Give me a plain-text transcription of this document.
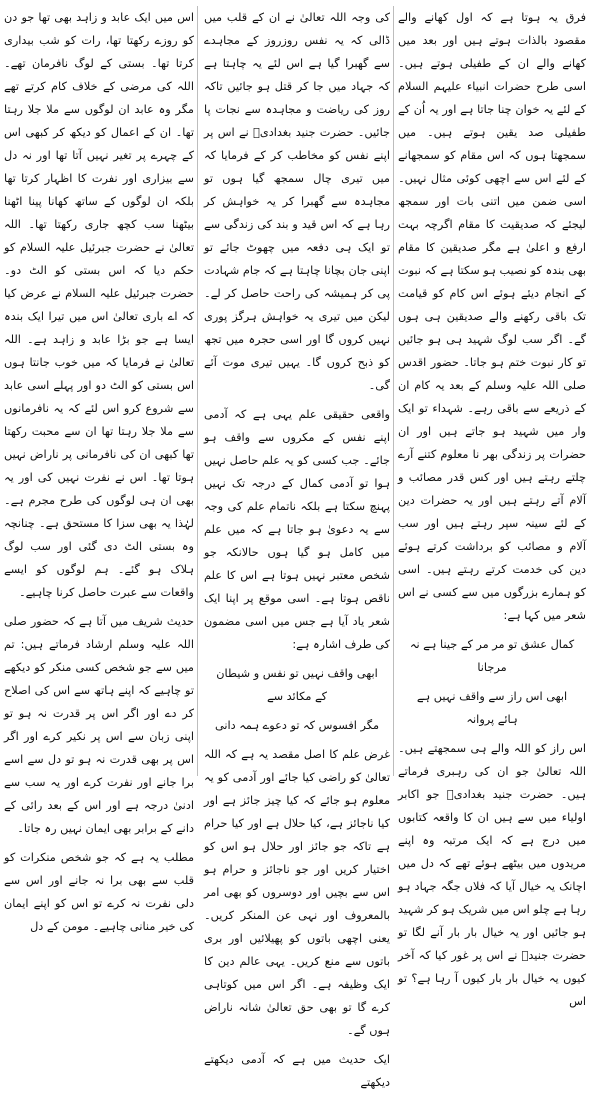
فرق یہ ہوتا ہے کہ اول کھانے والے مقصود بالذات ہوتے ہیں اور بعد میں کھانے والے ان کے طفیلی ہوتے ہیں۔ اسی طرح حضرات انبیاء علیہم السلام کے لئے یہ خوان چنا جاتا ہے اور یہ اُن کے طفیلی صد یقین ہوتے ہیں۔ میں سمجھتا ہوں کہ اس مقام کو سمجھانے کے لئے اس سے اچھی کوئی مثال نہیں۔ اسی ضمن میں اتنی بات اور سمجھ لیجئے کہ صدیقیت کا مقام اگرچہ بہت ارفع و اعلیٰ ہے مگر صدیقین کا مقام بھی بندہ کو نصیب ہو سکتا ہے کہ نبوت کے انجام دیئے ہوئے اس کام کو قیامت تک باقی رکھنے والے صدیقین ہی ہوں گے۔ اگر سب لوگ شہید ہی ہو جائیں تو کار نبوت ختم ہو جاتا۔ حضور اقدس صلی اللہ علیہ وسلم کے بعد یہ کام ان کے ذریعے سے باقی رہے۔ شہداء تو ایک وار میں شہید ہو جاتے ہیں اور ان حضرات پر زندگی بھر نا معلوم کتنے آرے چلتے رہتے ہیں اور کس قدر مصائب و آلام آتے رہتے ہیں اور یہ حضرات دین کے لئے سینہ سپر رہتے ہیں اور سب آلام و مصائب کو برداشت کرتے ہوئے دین کی خدمت کرتے رہتے ہیں۔ اسی کو ہمارے بزرگوں میں سے کسی نے اس شعر میں کہا ہے:

کمال عشق تو مر مر کے جینا ہے نہ مرجانا

ابھی اس راز سے واقف نہیں ہے ہائے پروانہ

اس راز کو اللہ والے ہی سمجھتے ہیں۔ اللہ تعالیٰ جو ان کی رہبری فرماتے ہیں۔ حضرت جنید بغدادیؒ جو اکابر اولیاء میں سے ہیں ان کا واقعہ کتابوں میں درج ہے کہ ایک مرتبہ وہ اپنے مریدوں میں بیٹھے ہوئے تھے کہ دل میں اچانک یہ خیال آیا کہ فلاں جگہ جہاد ہو رہا ہے چلو اس میں شریک ہو کر شہید ہو جائیں اور یہ خیال بار بار آنے لگا تو حضرت جنیدؒ نے اس پر غور کیا کہ آخر کیوں یہ خیال بار بار کیوں آ رہا ہے؟ تو اس

کی وجہ اللہ تعالیٰ نے ان کے قلب میں ڈالی کہ یہ نفس روزروز کے مجاہدے سے گھبرا گیا ہے اس لئے یہ چاہتا ہے کہ جہاد میں جا کر قتل ہو جائیں تاکہ روز کی ریاضت و مجاہدہ سے نجات پا جائیں۔ حضرت جنید بغدادیؒ نے اس پر اپنے نفس کو مخاطب کر کے فرمایا کہ میں تیری چال سمجھ گیا ہوں تو مجاہدہ سے گھبرا کر یہ خواہش کر رہا ہے کہ اس قید و بند کی زندگی سے تو ایک ہی دفعہ میں چھوٹ جائے تو اپنی جان بچانا چاہتا ہے کہ جام شہادت پی کر ہمیشہ کی راحت حاصل کر لے۔ لیکن میں تیری یہ خواہش ہرگز پوری نہیں کروں گا اور اسی حجرہ میں تجھ کو ذبح کروں گا۔ یہیں تیری موت آئے گی۔

واقعی حقیقی علم یہی ہے کہ آدمی اپنے نفس کے مکروں سے واقف ہو جائے۔ جب کسی کو یہ علم حاصل نہیں ہوا تو آدمی کمال کے درجہ تک نہیں پہنچ سکتا ہے بلکہ ناتمام علم کی وجہ سے یہ دعویٰ ہو جاتا ہے کہ میں علم میں کامل ہو گیا ہوں حالانکہ جو شخص معتبر نہیں ہوتا ہے اس کا علم ناقص ہوتا ہے۔ اسی موقع پر اپنا ایک شعر یاد آیا ہے جس میں اسی مضمون کی طرف اشارہ ہے:

ابھی واقف نہیں تو نفس و شیطان کے مکائد سے

مگر افسوس کہ تو دعوے ہمہ دانی

غرض علم کا اصل مقصد یہ ہے کہ اللہ تعالیٰ کو راضی کیا جائے اور آدمی کو یہ معلوم ہو جائے کہ کیا چیز جائز ہے اور کیا ناجائز ہے، کیا حلال ہے اور کیا حرام ہے تاکہ جو جائز اور حلال ہو اس کو اختیار کریں اور جو ناجائز و حرام ہو اس سے بچیں اور دوسروں کو بھی امر بالمعروف اور نہی عن المنکر کریں۔ یعنی اچھی باتوں کو پھیلائیں اور بری باتوں سے منع کریں۔ یہی عالم دین کا ایک وظیفہ ہے۔ اگر اس میں کوتاہی کرے گا تو بھی حق تعالیٰ شانہ ناراض ہوں گے۔

ایک حدیث میں ہے کہ آدمی دیکھتے دیکھتے

اس میں ایک عابد و زاہد بھی تھا جو دن کو روزے رکھتا تھا، رات کو شب بیداری کرتا تھا۔ بستی کے لوگ نافرمان تھے۔ اللہ کی مرضی کے خلاف کام کرتے تھے مگر وہ عابد ان لوگوں سے ملا جلا رہتا تھا۔ ان کے اعمال کو دیکھ کر کبھی اس کے چہرے پر تغیر نہیں آتا تھا اور نہ دل سے بیزاری اور نفرت کا اظہار کرتا تھا بلکہ ان لوگوں کے ساتھ کھانا پینا اٹھنا بیٹھنا سب کچھ جاری رکھتا تھا۔ اللہ تعالیٰ نے حضرت جبرئیل علیہ السلام کو حکم دیا کہ اس بستی کو الٹ دو۔ حضرت جبرئیل علیہ السلام نے عرض کیا کہ اے باری تعالیٰ اس میں تیرا ایک بندہ ایسا ہے جو بڑا عابد و زاہد ہے۔ اللہ تعالیٰ نے فرمایا کہ میں خوب جانتا ہوں اس بستی کو الٹ دو اور پہلے اسی عابد سے شروع کرو اس لئے کہ یہ نافرمانوں سے ملا جلا رہتا تھا ان سے محبت رکھتا تھا کبھی ان کی نافرمانی پر ناراض نہیں ہوتا تھا۔ اس نے نفرت نہیں کی اور یہ بھی ان ہی لوگوں کی طرح مجرم ہے۔ لہٰذا یہ بھی سزا کا مستحق ہے۔ چنانچہ وہ بستی الٹ دی گئی اور سب لوگ ہلاک ہو گئے۔ ہم لوگوں کو ایسے واقعات سے عبرت حاصل کرنا چاہیے۔

حدیث شریف میں آتا ہے کہ حضور صلی اللہ علیہ وسلم ارشاد فرماتے ہیں: تم میں سے جو شخص کسی منکر کو دیکھے تو چاہیے کہ اپنے ہاتھ سے اس کی اصلاح کر دے اور اگر اس پر قدرت نہ ہو تو اپنی زبان سے اس پر نکیر کرے اور اگر اس پر بھی قدرت نہ ہو تو دل سے اسے برا جانے اور نفرت کرے اور یہ سب سے ادنیٰ درجہ ہے اور اس کے بعد رائی کے دانے کے برابر بھی ایمان نہیں رہ جاتا۔

مطلب یہ ہے کہ جو شخص منکرات کو قلب سے بھی برا نہ جانے اور اس سے دلی نفرت نہ کرے تو اس کو اپنے ایمان کی خیر منانی چاہیے۔ مومن کے دل
